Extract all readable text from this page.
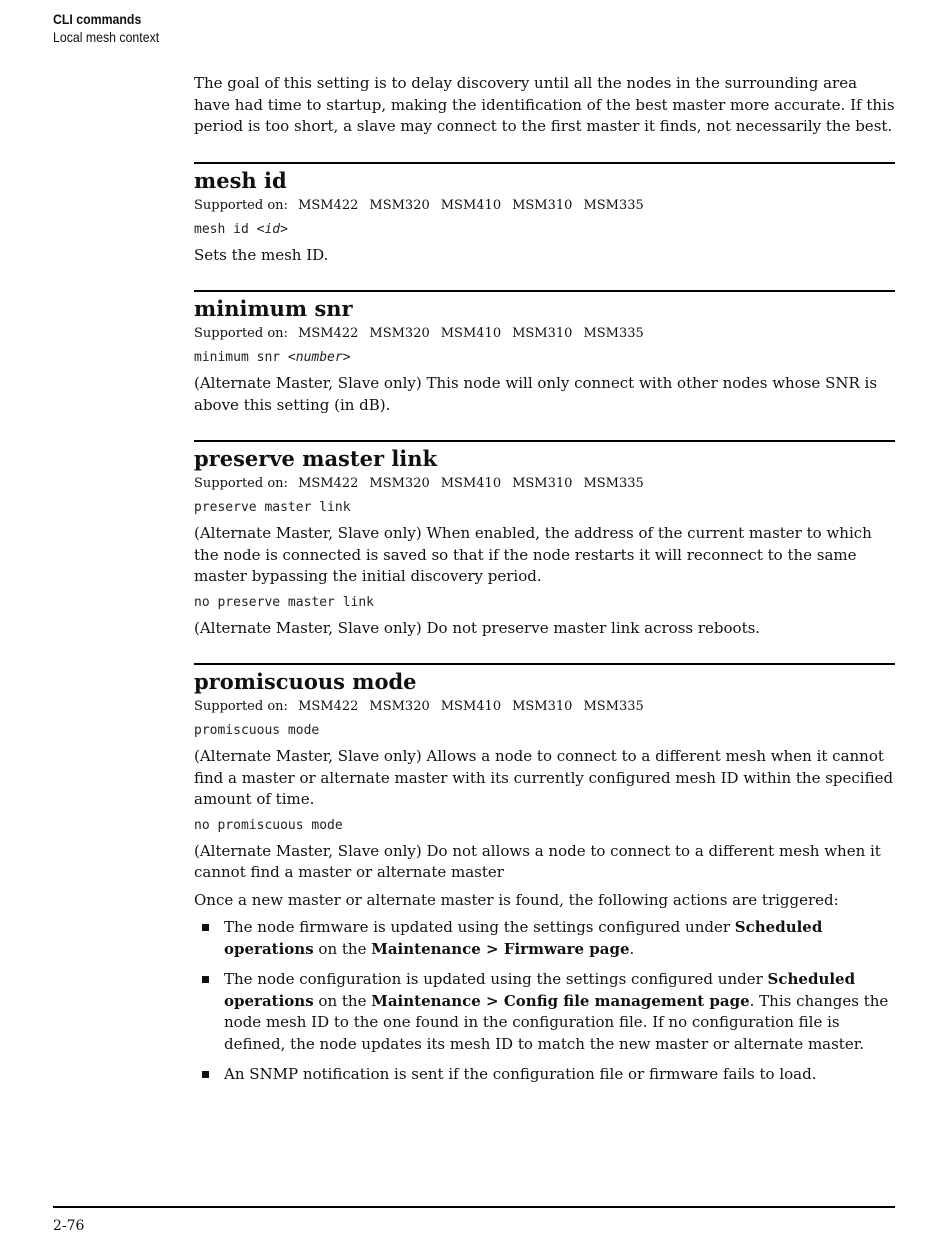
CLI commands
Local mesh context

The goal of this setting is to delay discovery until all the nodes in the surrounding area have had time to startup, making the identification of the best master more accurate. If this period is too short, a slave may connect to the first master it finds, not necessarily the best.

mesh id
Supported on: MSM422 MSM320 MSM410 MSM310 MSM335
mesh id <id>

Sets the mesh ID.

minimum snr
Supported on: MSM422 MSM320 MSM410 MSM310 MSM335
minimum snr <number>

(Alternate Master, Slave only) This node will only connect with other nodes whose SNR is above this setting (in dB).

preserve master link
Supported on: MSM422 MSM320 MSM410 MSM310 MSM335
preserve master link

(Alternate Master, Slave only) When enabled, the address of the current master to which the node is connected is saved so that if the node restarts it will reconnect to the same master bypassing the initial discovery period.

no preserve master link

(Alternate Master, Slave only) Do not preserve master link across reboots.

promiscuous mode
Supported on: MSM422 MSM320 MSM410 MSM310 MSM335
promiscuous mode

(Alternate Master, Slave only) Allows a node to connect to a different mesh when it cannot find a master or alternate master with its currently configured mesh ID within the specified amount of time.

no promiscuous mode

(Alternate Master, Slave only) Do not allows a node to connect to a different mesh when it cannot find a master or alternate master

Once a new master or alternate master is found, the following actions are triggered:

The node firmware is updated using the settings configured under Scheduled operations on the Maintenance > Firmware page.
The node configuration is updated using the settings configured under Scheduled operations on the Maintenance > Config file management page. This changes the node mesh ID to the one found in the configuration file. If no configuration file is defined, the node updates its mesh ID to match the new master or alternate master.
An SNMP notification is sent if the configuration file or firmware fails to load.
2-76
